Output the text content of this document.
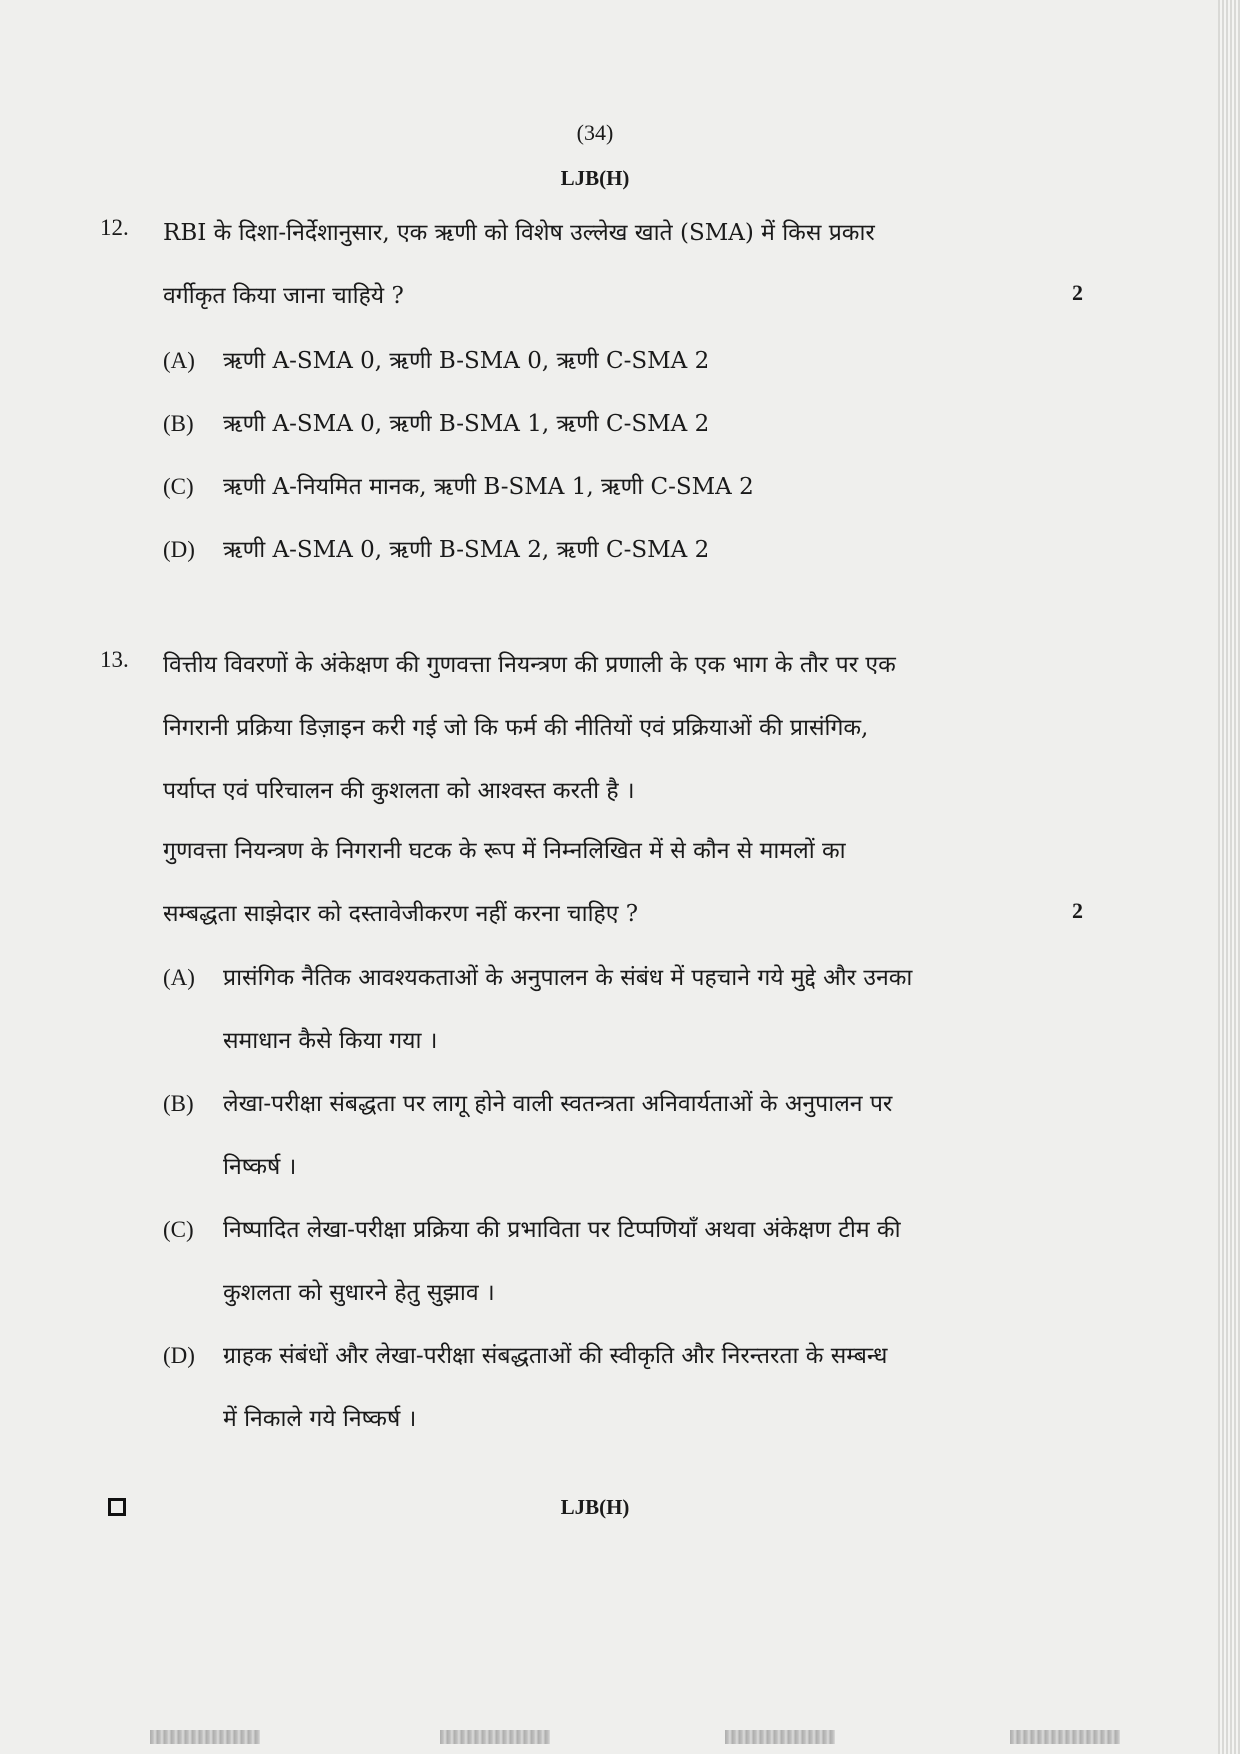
(34)
LJB(H)
12. RBI के दिशा-निर्देशानुसार, एक ऋणी को विशेष उल्लेख खाते (SMA) में किस प्रकार
वर्गीकृत किया जाना चाहिये ?	2
(A) ऋणी A-SMA 0, ऋणी B-SMA 0, ऋणी C-SMA 2
(B) ऋणी A-SMA 0, ऋणी B-SMA 1, ऋणी C-SMA 2
(C) ऋणी A-नियमित मानक, ऋणी B-SMA 1, ऋणी C-SMA 2
(D) ऋणी A-SMA 0, ऋणी B-SMA 2, ऋणी C-SMA 2
13. वित्तीय विवरणों के अंकेक्षण की गुणवत्ता नियन्त्रण की प्रणाली के एक भाग के तौर पर एक
निगरानी प्रक्रिया डिज़ाइन करी गई जो कि फर्म की नीतियों एवं प्रक्रियाओं की प्रासंगिक,
पर्याप्त एवं परिचालन की कुशलता को आश्वस्त करती है ।
गुणवत्ता नियन्त्रण के निगरानी घटक के रूप में निम्नलिखित में से कौन से मामलों का
सम्बद्धता साझेदार को दस्तावेजीकरण नहीं करना चाहिए ?	2
(A) प्रासंगिक नैतिक आवश्यकताओं के अनुपालन के संबंध में पहचाने गये मुद्दे और उनका
समाधान कैसे किया गया ।
(B) लेखा-परीक्षा संबद्धता पर लागू होने वाली स्वतन्त्रता अनिवार्यताओं के अनुपालन पर
निष्कर्ष ।
(C) निष्पादित लेखा-परीक्षा प्रक्रिया की प्रभाविता पर टिप्पणियाँ अथवा अंकेक्षण टीम की
कुशलता को सुधारने हेतु सुझाव ।
(D) ग्राहक संबंधों और लेखा-परीक्षा संबद्धताओं की स्वीकृति और निरन्तरता के सम्बन्ध
में निकाले गये निष्कर्ष ।
LJB(H)
